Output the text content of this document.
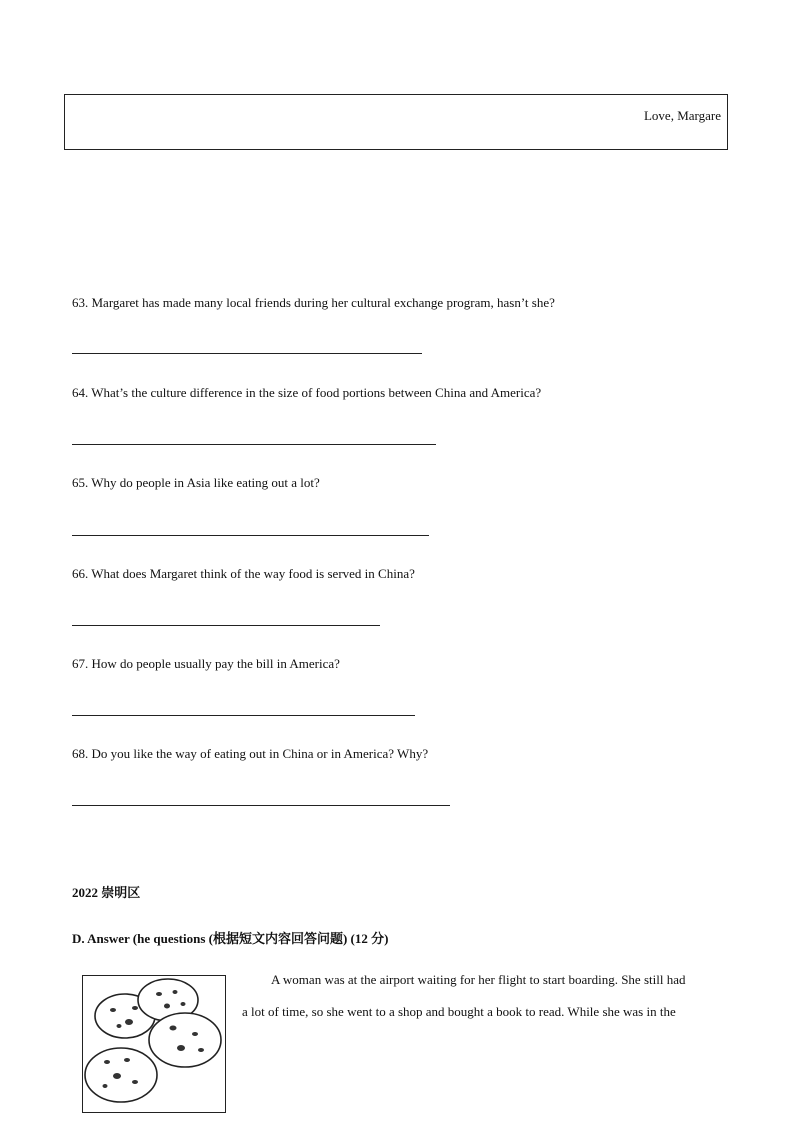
Love, Margare
63. Margaret has made many local friends during her cultural exchange program, hasn’t she?
64. What’s the culture difference in the size of food portions between China and America?
65. Why do people in Asia like eating out a lot?
66. What does Margaret think of the way food is served in China?
67. How do people usually pay the bill in America?
68. Do you like the way of eating out in China or in America? Why?
2022 崇明区
D. Answer (he questions (根据短文内容回答问题) (12 分)
A woman was at the airport waiting for her flight to start boarding. She still had
a lot of time, so she went to a shop and bought a book to read. While she was in the
